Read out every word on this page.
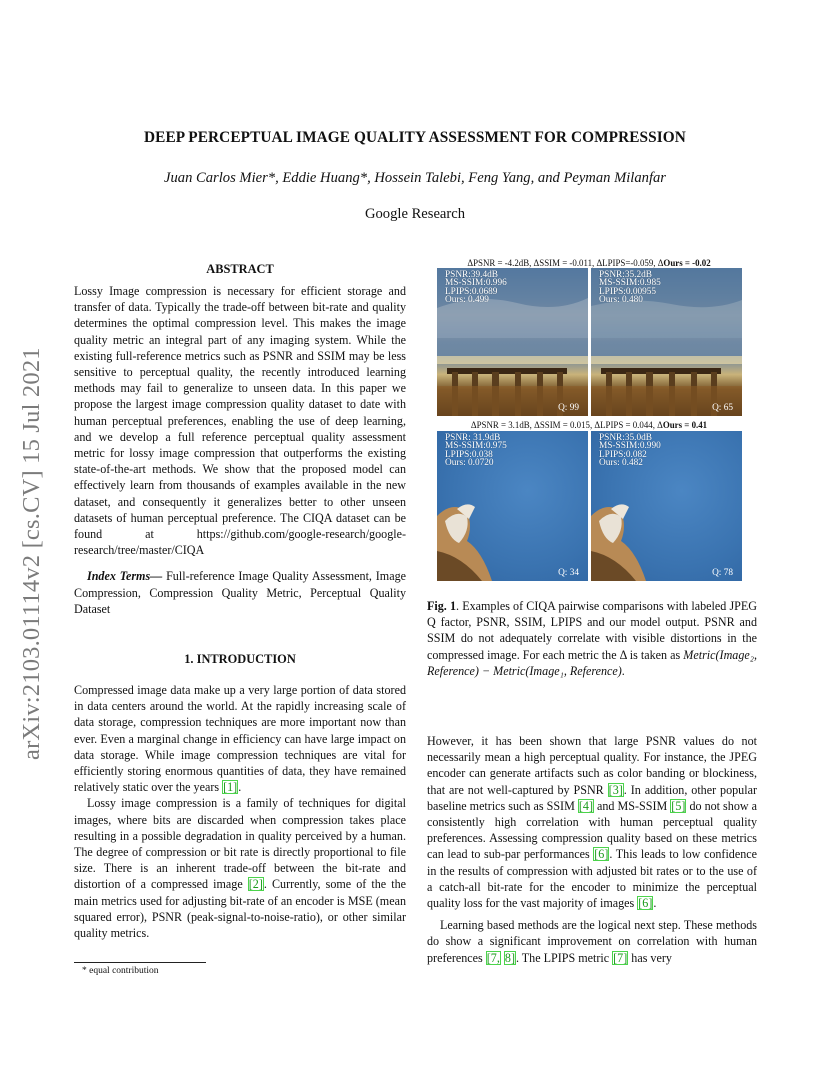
arXiv:2103.01114v2 [cs.CV] 15 Jul 2021
DEEP PERCEPTUAL IMAGE QUALITY ASSESSMENT FOR COMPRESSION
Juan Carlos Mier*, Eddie Huang*, Hossein Talebi, Feng Yang, and Peyman Milanfar
Google Research
ABSTRACT

Lossy Image compression is necessary for efficient storage and transfer of data. Typically the trade-off between bit-rate and quality determines the optimal compression level. This makes the image quality metric an integral part of any imaging system. While the existing full-reference metrics such as PSNR and SSIM may be less sensitive to perceptual quality, the recently introduced learning methods may fail to generalize to unseen data. In this paper we propose the largest image compression quality dataset to date with human perceptual preferences, enabling the use of deep learning, and we develop a full reference perceptual quality assessment metric for lossy image compression that outperforms the existing state-of-the-art methods. We show that the proposed model can effectively learn from thousands of examples available in the new dataset, and consequently it generalizes better to other unseen datasets of human perceptual preference. The CIQA dataset can be found at https://github.com/google-research/google-research/tree/master/CIQA

Index Terms— Full-reference Image Quality Assessment, Image Compression, Compression Quality Metric, Perceptual Quality Dataset

1. INTRODUCTION

Compressed image data make up a very large portion of data stored in data centers around the world. At the rapidly increasing scale of data storage, compression techniques are more important now than ever. Even a marginal change in efficiency can have large impact on data storage. While image compression techniques are vital for efficiently storing enormous quantities of data, they have remained relatively static over the years [1].

Lossy image compression is a family of techniques for digital images, where bits are discarded when compression takes place resulting in a possible degradation in quality perceived by a human. The degree of compression or bit rate is directly proportional to file size. There is an inherent trade-off between the bit-rate and distortion of a compressed image [2]. Currently, some of the the main metrics used for adjusting bit-rate of an encoder is MSE (mean squared error), PSNR (peak-signal-to-noise-ratio), or other similar quality metrics.

* equal contribution
ΔPSNR = -4.2dB, ΔSSIM = -0.011, ΔLPIPS=-0.059, ΔOurs = -0.02
PSNR:39.4dB
MS-SSIM:0.996
LPIPS:0.0689
Ours: 0.499
Q: 99
PSNR:35.2dB
MS-SSIM:0.985
LPIPS:0.00955
Ours: 0.480
Q: 65
ΔPSNR = 3.1dB, ΔSSIM = 0.015, ΔLPIPS = 0.044, ΔOurs = 0.41
PSNR: 31.9dB
MS-SSIM:0.975
LPIPS:0.038
Ours: 0.0720
Q: 34
PSNR:35.0dB
MS-SSIM:0.990
LPIPS:0.082
Ours: 0.482
Q: 78
Fig. 1. Examples of CIQA pairwise comparisons with labeled JPEG Q factor, PSNR, SSIM, LPIPS and our model output. PSNR and SSIM do not adequately correlate with visible distortions in the compressed image. For each metric the Δ is taken as Metric(Image₂, Reference) − Metric(Image₁, Reference).

However, it has been shown that large PSNR values do not necessarily mean a high perceptual quality. For instance, the JPEG encoder can generate artifacts such as color banding or blockiness, that are not well-captured by PSNR [3]. In addition, other popular baseline metrics such as SSIM [4] and MS-SSIM [5] do not show a consistently high correlation with human perceptual quality preferences. Assessing compression quality based on these metrics can lead to sub-par performances [6]. This leads to low confidence in the results of compression with adjusted bit rates or to the use of a catch-all bit-rate for the encoder to minimize the perceptual quality loss for the vast majority of images [6].

Learning based methods are the logical next step. These methods do show a significant improvement on correlation with human preferences [7, 8]. The LPIPS metric [7] has very
